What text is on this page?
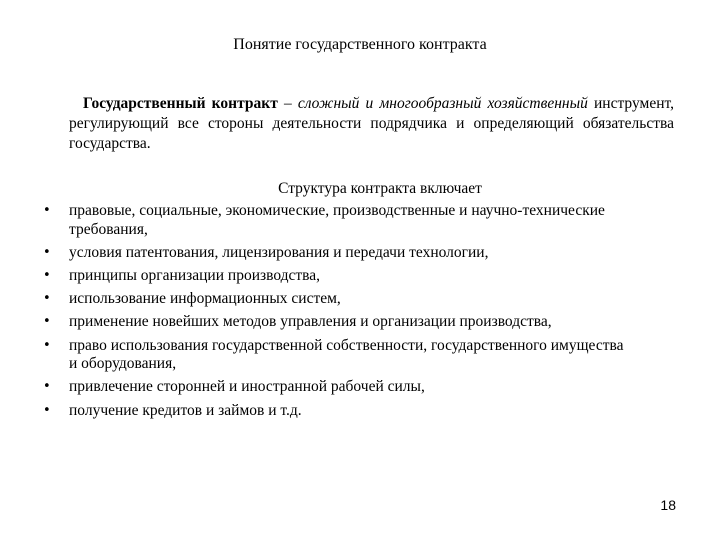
Понятие государственного контракта
Государственный контракт – сложный и многообразный хозяйственный инструмент, регулирующий все стороны деятельности подрядчика и определяющий обязательства государства.
Структура контракта включает
• правовые, социальные, экономические, производственные и научно-технические требования,
• условия патентования, лицензирования и передачи технологии,
• принципы организации производства,
• использование информационных систем,
• применение новейших методов управления и организации производства,
• право использования государственной собственности, государственного имущества и оборудования,
• привлечение сторонней и иностранной рабочей силы,
• получение кредитов и займов и т.д.
18
